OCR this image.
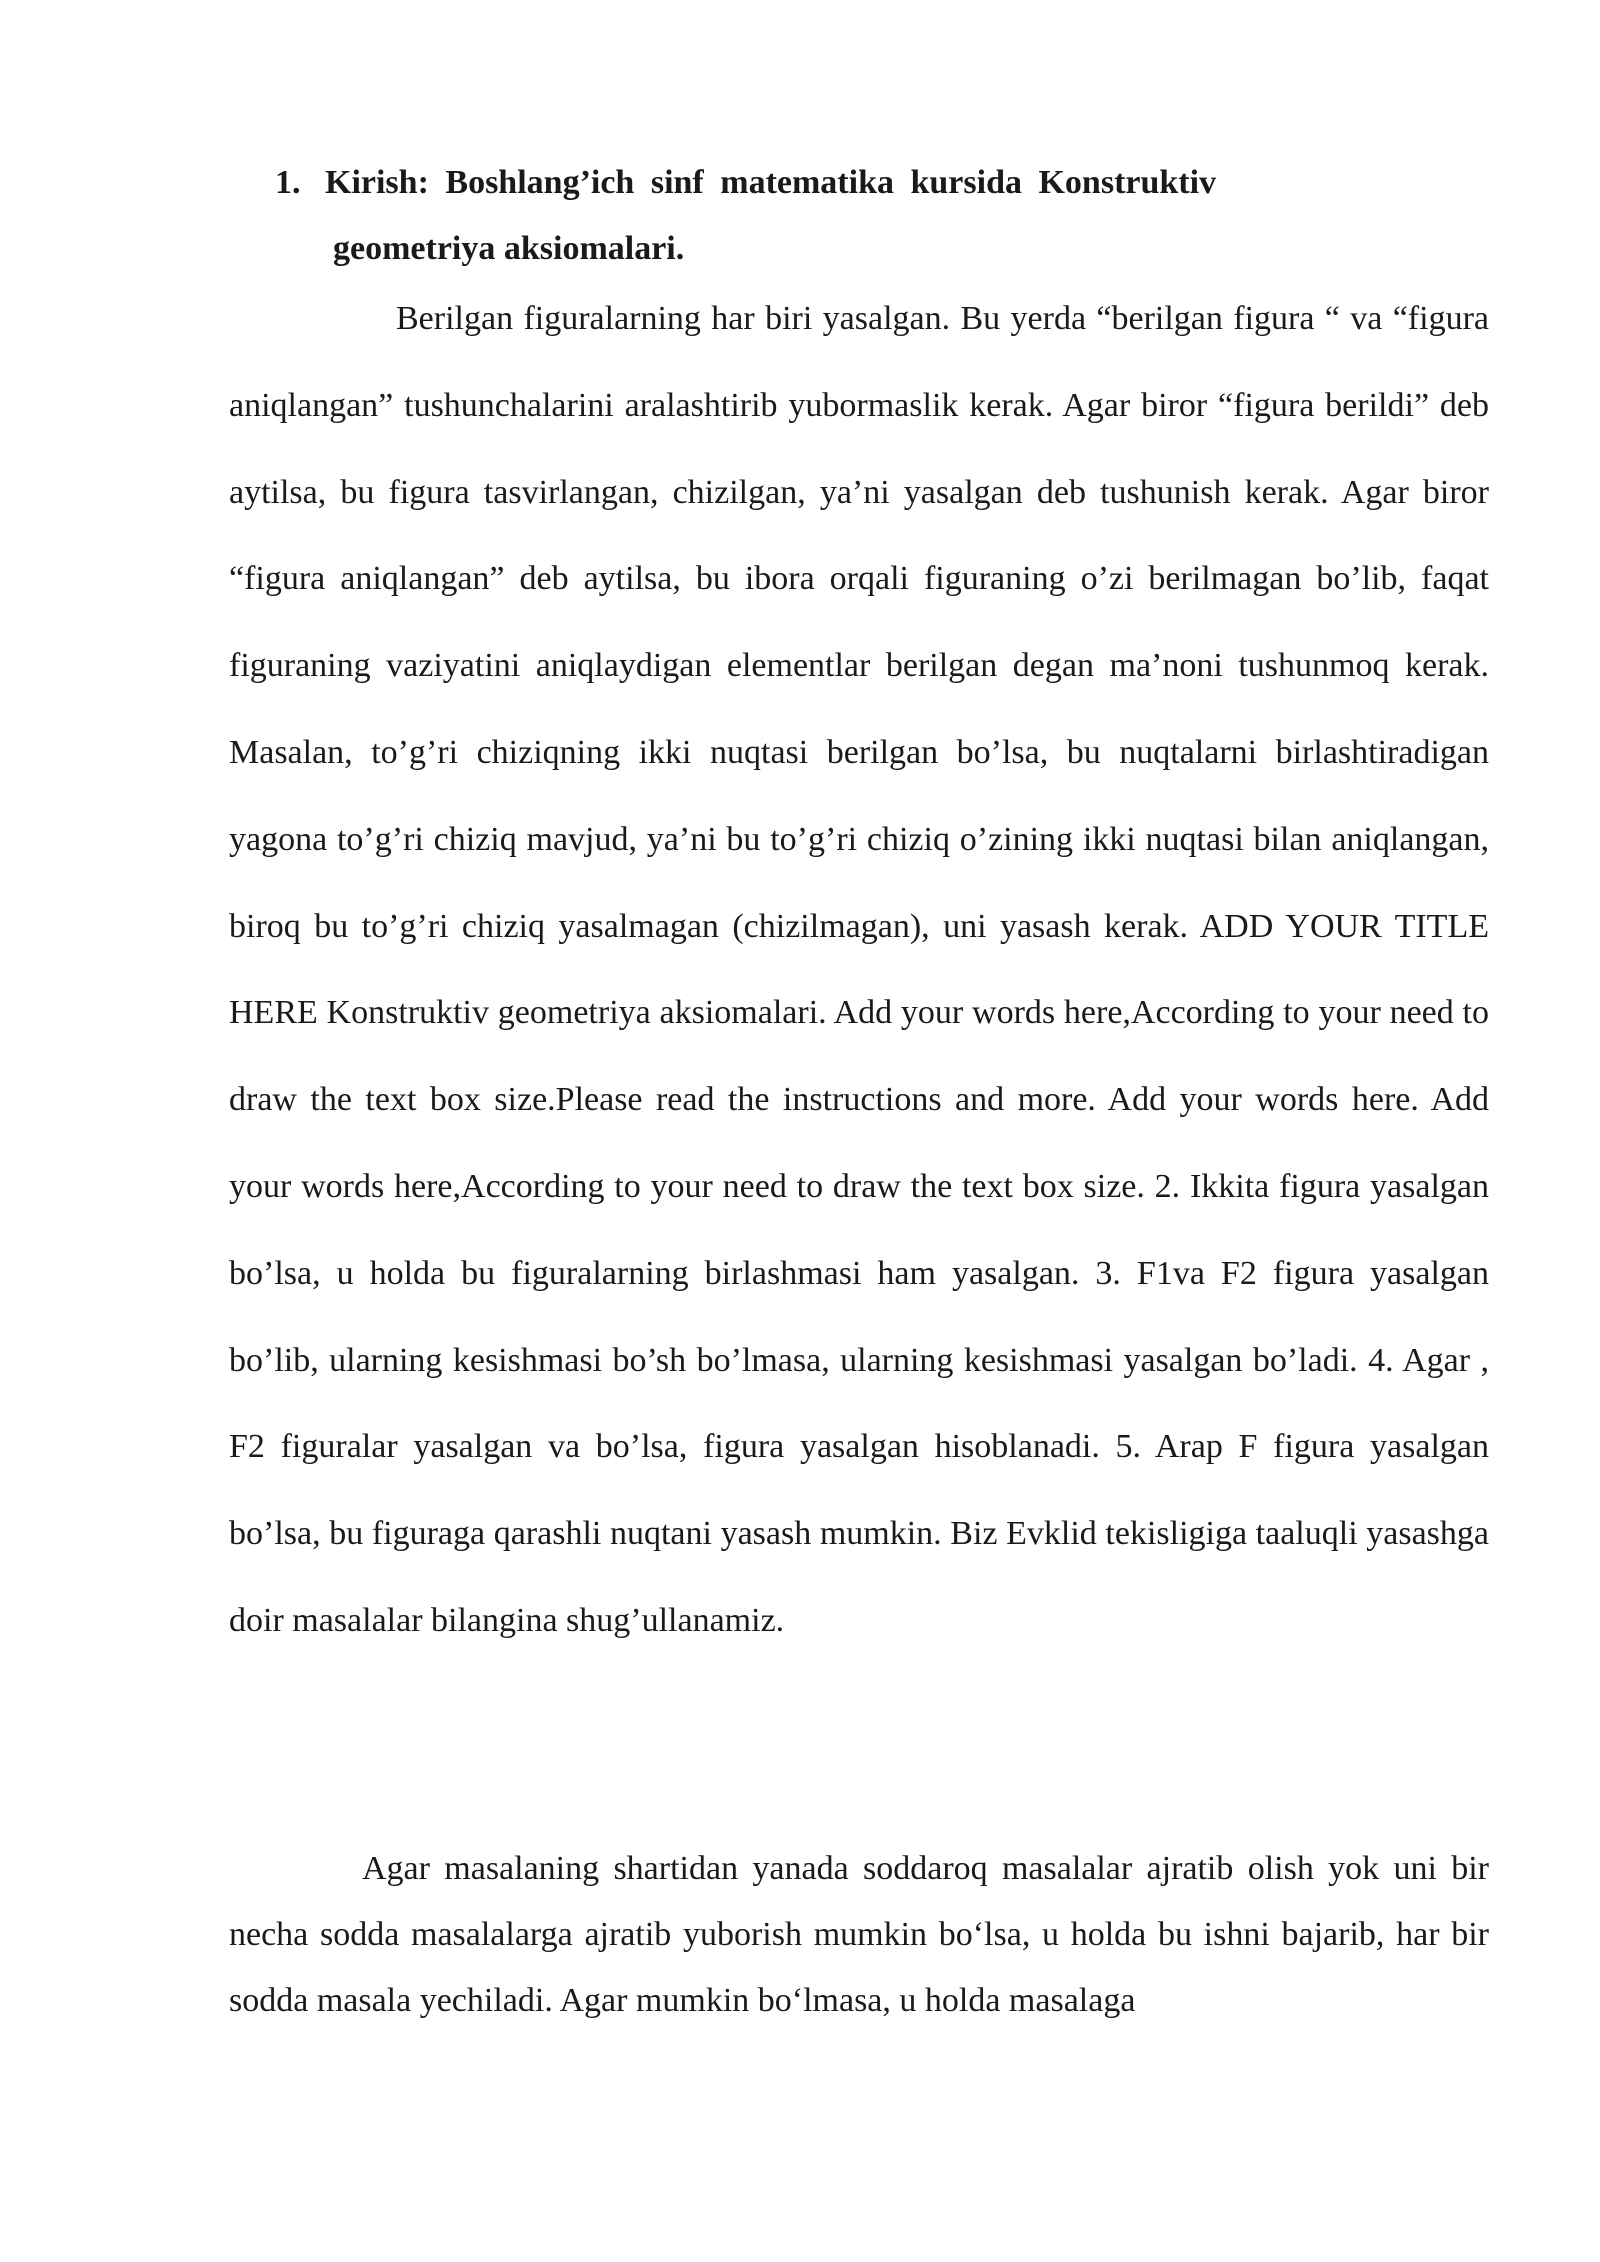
1. Kirish: Boshlang’ich sinf matematika kursida Konstruktiv
geometriya aksiomalari.

Berilgan figuralarning har biri yasalgan. Bu yerda “berilgan figura “ va “figura aniqlangan” tushunchalarini aralashtirib yubormaslik kerak. Agar biror “figura berildi” deb aytilsa, bu figura tasvirlangan, chizilgan, ya’ni yasalgan deb tushunish kerak. Agar biror “figura aniqlangan” deb aytilsa, bu ibora orqali figuraning o’zi berilmagan bo’lib, faqat figuraning vaziyatini aniqlaydigan elementlar berilgan degan ma’noni tushunmoq kerak. Masalan, to’g’ri chiziqning ikki nuqtasi berilgan bo’lsa, bu nuqtalarni birlashtiradigan yagona to’g’ri chiziq mavjud, ya’ni bu to’g’ri chiziq o’zining ikki nuqtasi bilan aniqlangan, biroq bu to’g’ri chiziq yasalmagan (chizilmagan), uni yasash kerak. ADD YOUR TITLE HERE Konstruktiv geometriya aksiomalari. Add your words here,According to your need to draw the text box size.Please read the instructions and more. Add your words here. Add your words here,According to your need to draw the text box size. 2. Ikkita figura yasalgan bo’lsa, u holda bu figuralarning birlashmasi ham yasalgan. 3. F1va F2 figura yasalgan bo’lib, ularning kesishmasi bo’sh bo’lmasa, ularning kesishmasi yasalgan bo’ladi. 4. Agar , F2 figuralar yasalgan va bo’lsa, figura yasalgan hisoblanadi. 5. Arap F figura yasalgan bo’lsa, bu figuraga qarashli nuqtani yasash mumkin. Biz Evklid tekisligiga taaluqli yasashga doir masalalar bilangina shug’ullanamiz.

Agar masalaning shartidan yanada soddaroq masalalar ajratib olish yok uni bir necha sodda masalalarga ajratib yuborish mumkin bo‘lsa, u holda bu ishni bajarib, har bir sodda masala yechiladi. Agar mumkin bo‘lmasa, u holda masalaga
